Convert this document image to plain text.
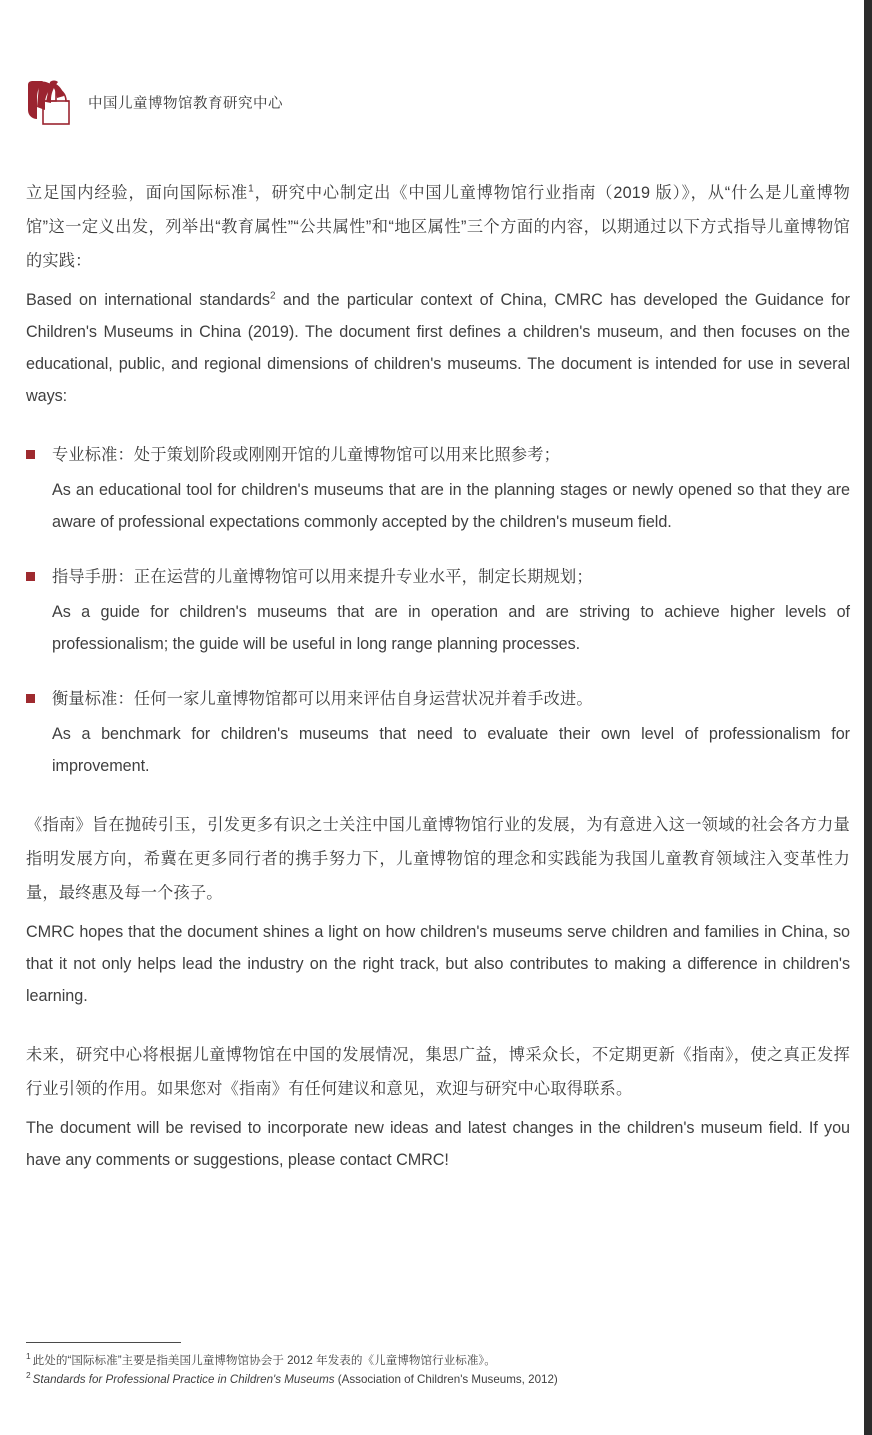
中国儿童博物馆教育研究中心

立足国内经验，面向国际标准$^1$，研究中心制定出《中国儿童博物馆行业指南（2019 版）》，从“什么是儿童博物馆”这一定义出发，列举出“教育属性”“公共属性”和“地区属性”三个方面的内容，以期通过以下方式指导儿童博物馆的实践：

Based on international standards$^2$ and the particular context of China, CMRC has developed the Guidance for Children's Museums in China (2019). The document first defines a children's museum, and then focuses on the educational, public, and regional dimensions of children's museums. The document is intended for use in several ways:

专业标准：处于策划阶段或刚刚开馆的儿童博物馆可以用来比照参考；

As an educational tool for children's museums that are in the planning stages or newly opened so that they are aware of professional expectations commonly accepted by the children's museum field.

指导手册：正在运营的儿童博物馆可以用来提升专业水平，制定长期规划；

As a guide for children's museums that are in operation and are striving to achieve higher levels of professionalism; the guide will be useful in long range planning processes.

衡量标准：任何一家儿童博物馆都可以用来评估自身运营状况并着手改进。

As a benchmark for children's museums that need to evaluate their own level of professionalism for improvement.

《指南》旨在抛砖引玉，引发更多有识之士关注中国儿童博物馆行业的发展，为有意进入这一领域的社会各方力量指明发展方向，希冀在更多同行者的携手努力下，儿童博物馆的理念和实践能为我国儿童教育领域注入变革性力量，最终惠及每一个孩子。

CMRC hopes that the document shines a light on how children's museums serve children and families in China, so that it not only helps lead the industry on the right track, but also contributes to making a difference in children's learning.

未来，研究中心将根据儿童博物馆在中国的发展情况，集思广益，博采众长，不定期更新《指南》，使之真正发挥行业引领的作用。如果您对《指南》有任何建议和意见，欢迎与研究中心取得联系。

The document will be revised to incorporate new ideas and latest changes in the children's museum field. If you have any comments or suggestions, please contact CMRC!

$^1$ 此处的“国际标准”主要是指美国儿童博物馆协会于 2012 年发表的《儿童博物馆行业标准》。
$^2$ Standards for Professional Practice in Children's Museums (Association of Children's Museums, 2012)
